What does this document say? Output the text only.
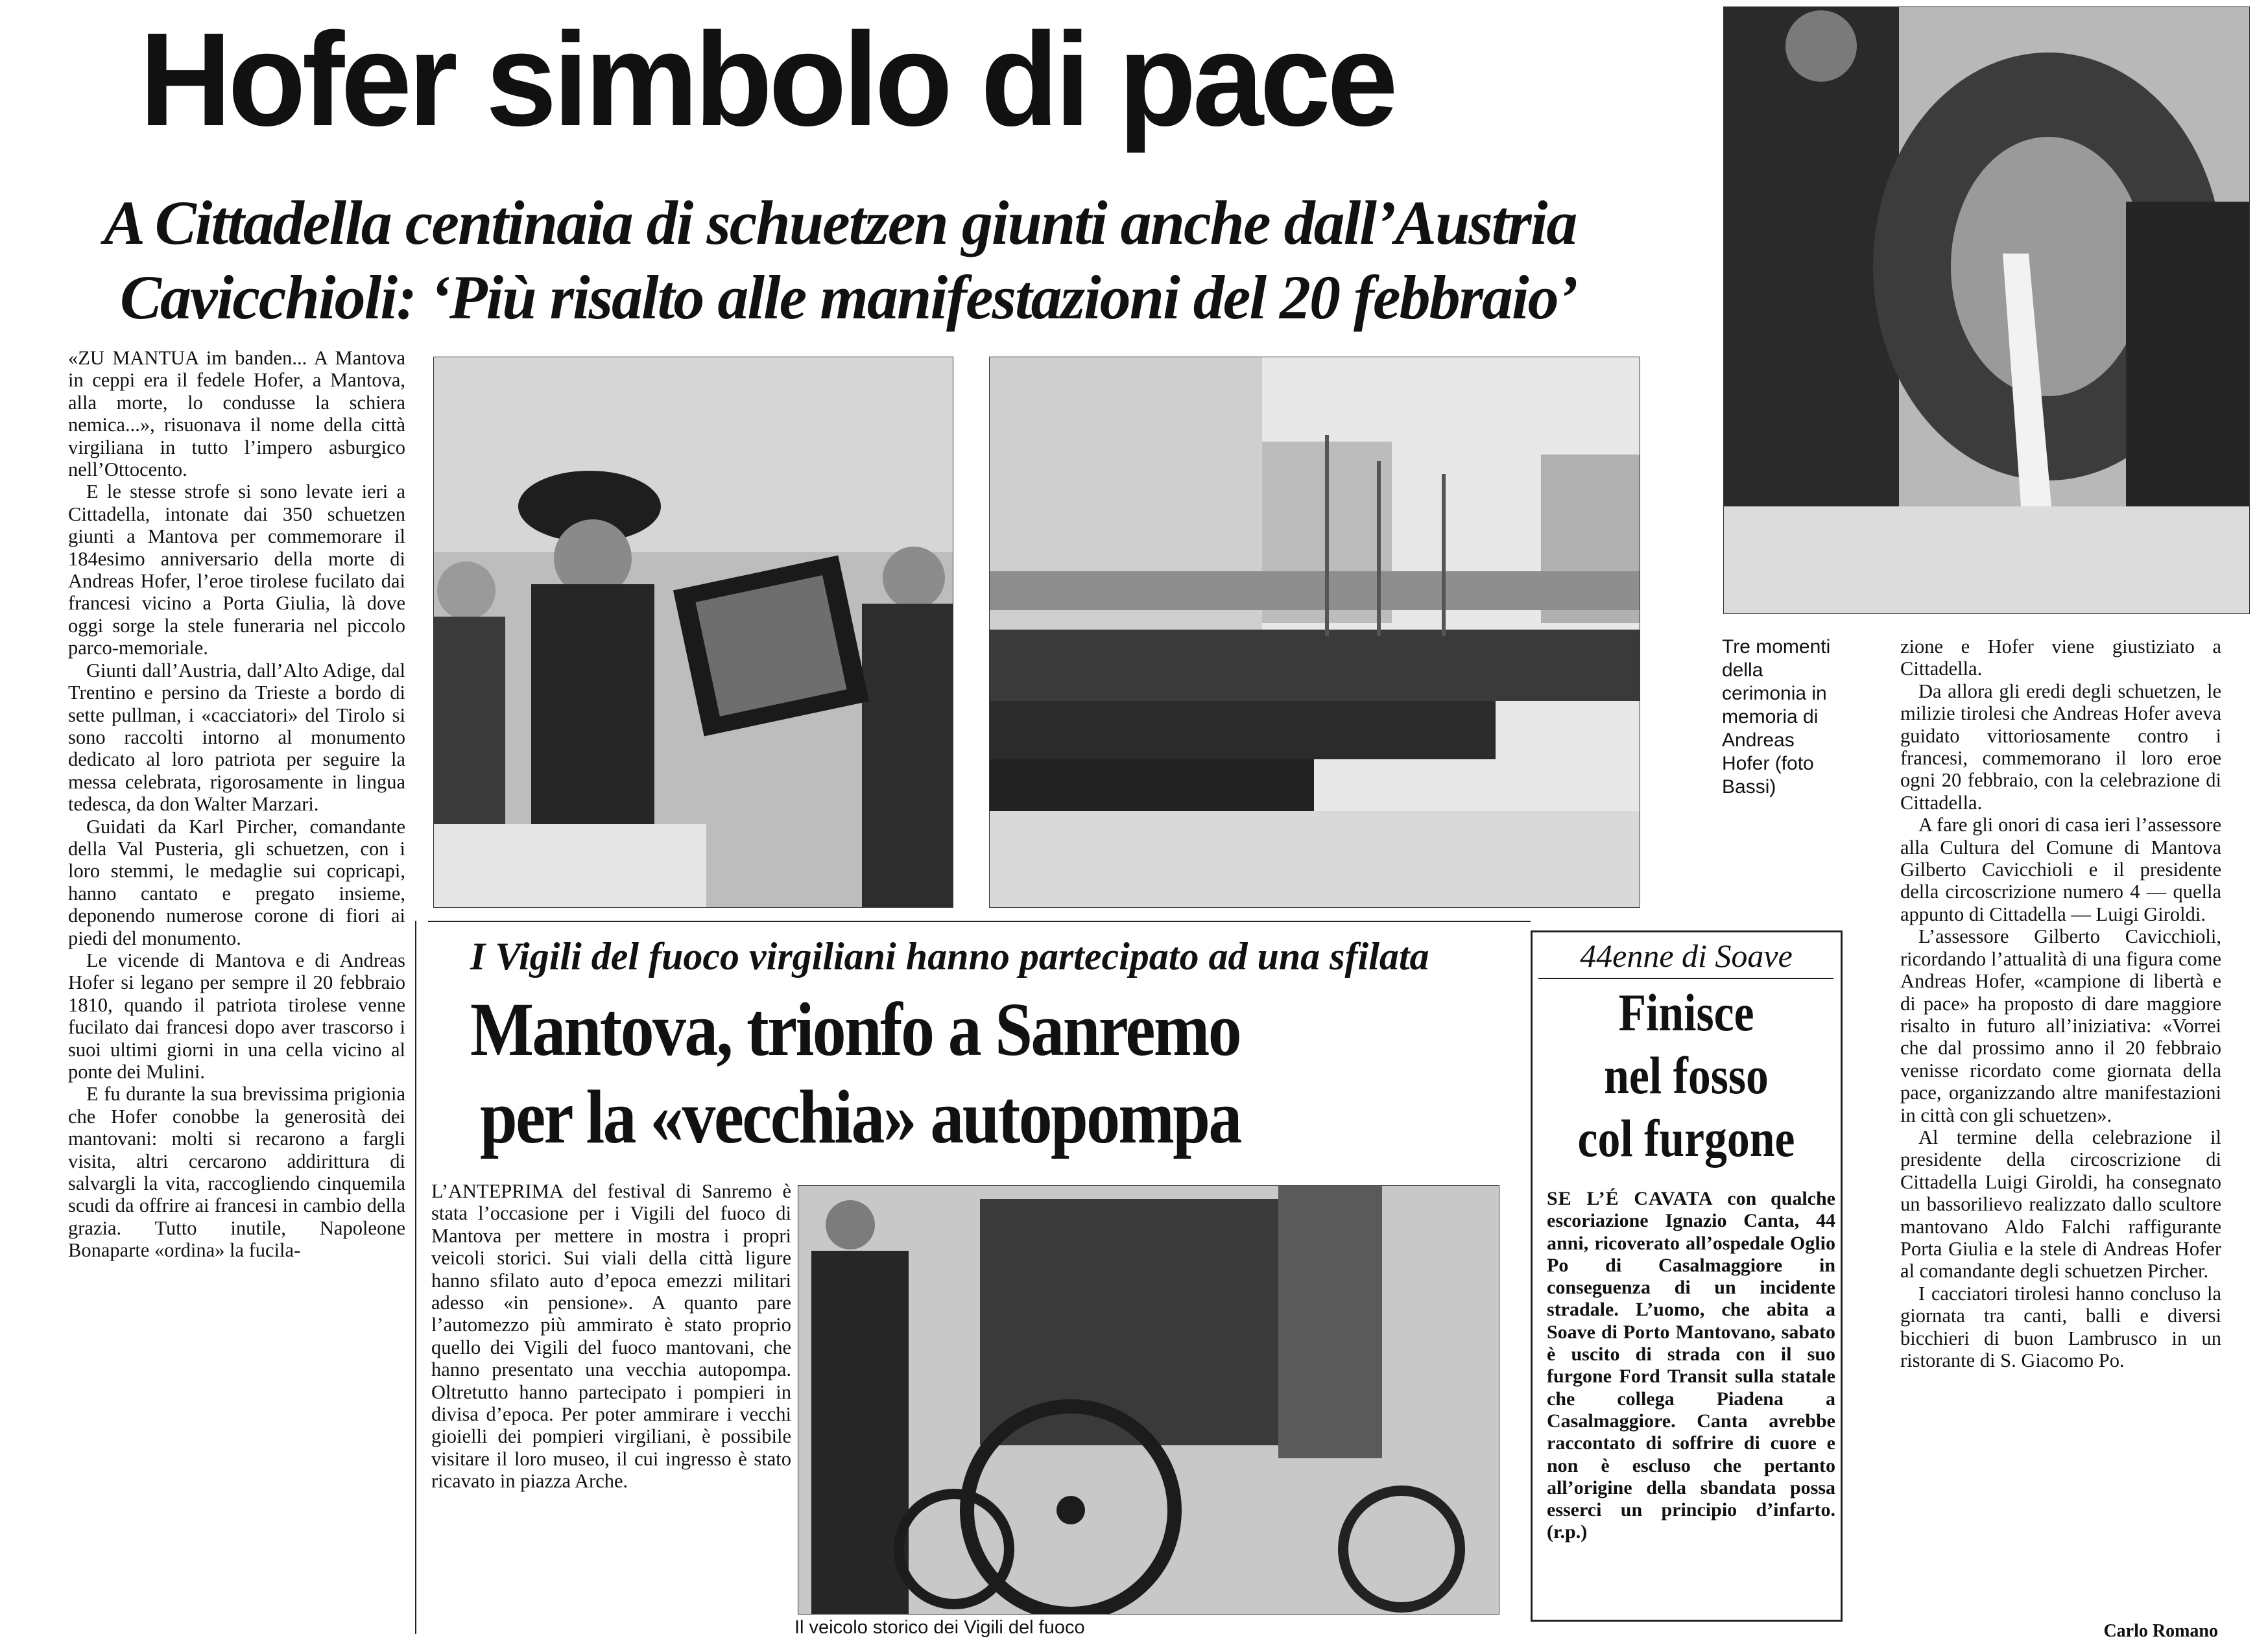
Hofer simbolo di pace
A Cittadella centinaia di schuetzen giunti anche dall’Austria
Cavicchioli: ‘Più risalto alle manifestazioni del 20 febbraio’

«ZU MANTUA im banden... A Mantova in ceppi era il fedele Hofer, a Mantova, alla morte, lo condusse la schiera nemica...», risuonava il nome della città virgiliana in tutto l’impero asburgico nell’Ottocento.

E le stesse strofe si sono levate ieri a Cittadella, intonate dai 350 schuetzen giunti a Mantova per commemorare il 184esimo anniversario della morte di Andreas Hofer, l’eroe tirolese fucilato dai francesi vicino a Porta Giulia, là dove oggi sorge la stele funeraria nel piccolo parco-memoriale.

Giunti dall’Austria, dall’Alto Adige, dal Trentino e persino da Trieste a bordo di sette pullman, i «cacciatori» del Tirolo si sono raccolti intorno al monumento dedicato al loro patriota per seguire la messa celebrata, rigorosamente in lingua tedesca, da don Walter Marzari.

Guidati da Karl Pircher, comandante della Val Pusteria, gli schuetzen, con i loro stemmi, le medaglie sui copricapi, hanno cantato e pregato insieme, deponendo numerose corone di fiori ai piedi del monumento.

Le vicende di Mantova e di Andreas Hofer si legano per sempre il 20 febbraio 1810, quando il patriota tirolese venne fucilato dai francesi dopo aver trascorso i suoi ultimi giorni in una cella vicino al ponte dei Mulini.

E fu durante la sua brevissima prigionia che Hofer conobbe la generosità dei mantovani: molti si recarono a fargli visita, altri cercarono addirittura di salvargli la vita, raccogliendo cinquemila scudi da offrire ai francesi in cambio della grazia. Tutto inutile, Napoleone Bonaparte «ordina» la fucila-

Tre momenti della cerimonia in memoria di Andreas Hofer (foto Bassi)

zione e Hofer viene giustiziato a Cittadella.

Da allora gli eredi degli schuetzen, le milizie tirolesi che Andreas Hofer aveva guidato vittoriosamente contro i francesi, commemorano il loro eroe ogni 20 febbraio, con la celebrazione di Cittadella.

A fare gli onori di casa ieri l’assessore alla Cultura del Comune di Mantova Gilberto Cavicchioli e il presidente della circoscrizione numero 4 — quella appunto di Cittadella — Luigi Giroldi.

L’assessore Gilberto Cavicchioli, ricordando l’attualità di una figura come Andreas Hofer, «campione di libertà e di pace» ha proposto di dare maggiore risalto in futuro all’iniziativa: «Vorrei che dal prossimo anno il 20 febbraio venisse ricordato come giornata della pace, organizzando altre manifestazioni in città con gli schuetzen».

Al termine della celebrazione il presidente della circoscrizione di Cittadella Luigi Giroldi, ha consegnato un bassorilievo realizzato dallo scultore mantovano Aldo Falchi raffigurante Porta Giulia e la stele di Andreas Hofer al comandante degli schuetzen Pircher.

I cacciatori tirolesi hanno concluso la giornata tra canti, balli e diversi bicchieri di buon Lambrusco in un ristorante di S. Giacomo Po.

Carlo Romano
I Vigili del fuoco virgiliani hanno partecipato ad una sfilata
Mantova, trionfo a Sanremo
per la «vecchia» autopompa

L’ANTEPRIMA del festival di Sanremo è stata l’occasione per i Vigili del fuoco di Mantova per mettere in mostra i propri veicoli storici. Sui viali della città ligure hanno sfilato auto d’epoca emezzi militari adesso «in pensione». A quanto pare l’automezzo più ammirato è stato proprio quello dei Vigili del fuoco mantovani, che hanno presentato una vecchia autopompa. Oltretutto hanno partecipato i pompieri in divisa d’epoca. Per poter ammirare i vecchi gioielli dei pompieri virgiliani, è possibile visitare il loro museo, il cui ingresso è stato ricavato in piazza Arche.

Il veicolo storico dei Vigili del fuoco
44enne di Soave
Finisce
nel fosso
col furgone

SE L’É CAVATA con qualche escoriazione Ignazio Canta, 44 anni, ricoverato all’ospedale Oglio Po di Casalmaggiore in conseguenza di un incidente stradale. L’uomo, che abita a Soave di Porto Mantovano, sabato è uscito di strada con il suo furgone Ford Transit sulla statale che collega Piadena a Casalmaggiore. Canta avrebbe raccontato di soffrire di cuore e non è escluso che pertanto all’origine della sbandata possa esserci un principio d’infarto. (r.p.)
